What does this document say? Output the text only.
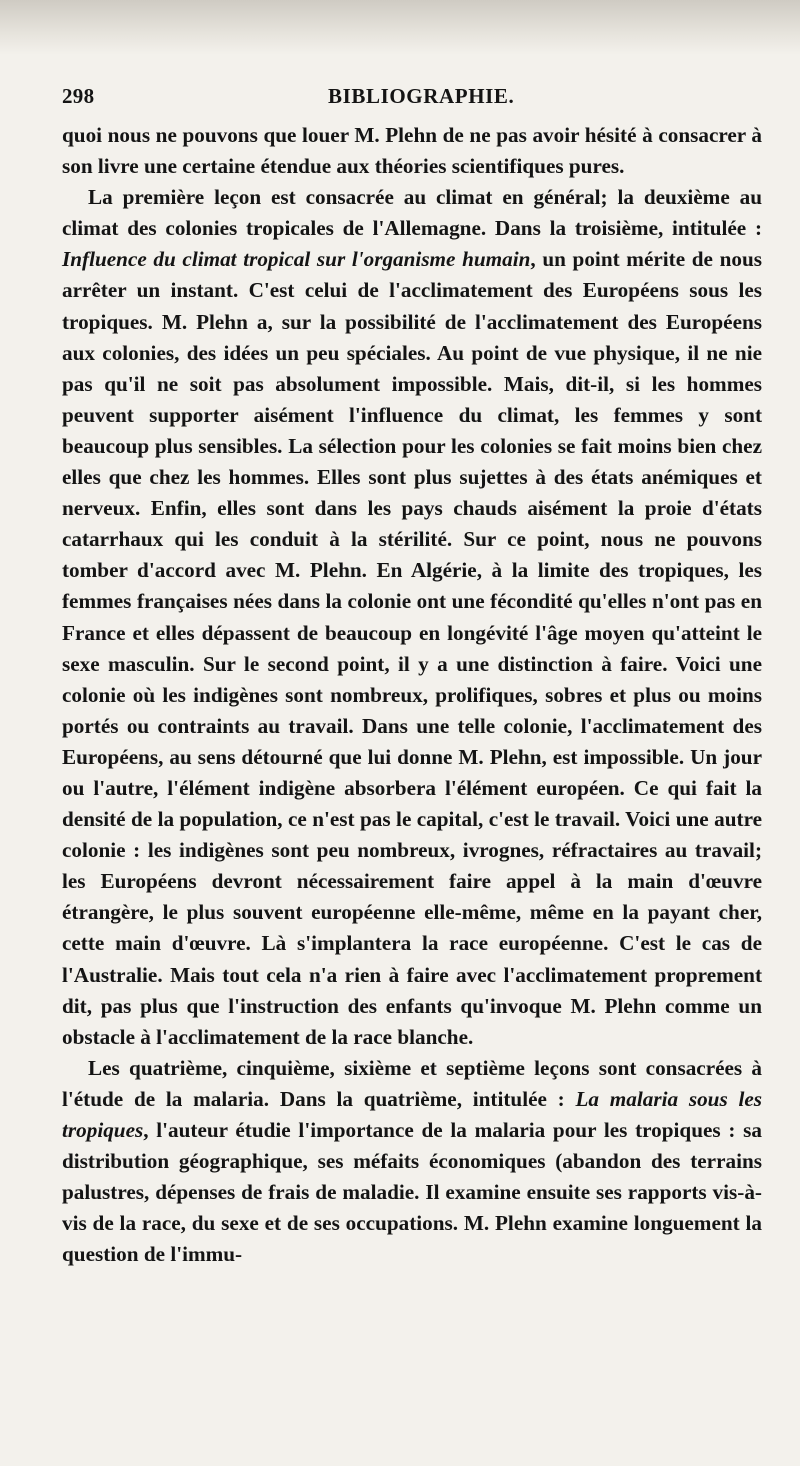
298	BIBLIOGRAPHIE.

quoi nous ne pouvons que louer M. Plehn de ne pas avoir hésité à consacrer à son livre une certaine étendue aux théories scientifiques pures.

La première leçon est consacrée au climat en général; la deuxième au climat des colonies tropicales de l'Allemagne. Dans la troisième, intitulée : Influence du climat tropical sur l'organisme humain, un point mérite de nous arrêter un instant. C'est celui de l'acclimatement des Européens sous les tropiques. M. Plehn a, sur la possibilité de l'acclimatement des Européens aux colonies, des idées un peu spéciales. Au point de vue physique, il ne nie pas qu'il ne soit pas absolument impossible. Mais, dit-il, si les hommes peuvent supporter aisément l'influence du climat, les femmes y sont beaucoup plus sensibles. La sélection pour les colonies se fait moins bien chez elles que chez les hommes. Elles sont plus sujettes à des états anémiques et nerveux. Enfin, elles sont dans les pays chauds aisément la proie d'états catarrhaux qui les conduit à la stérilité. Sur ce point, nous ne pouvons tomber d'accord avec M. Plehn. En Algérie, à la limite des tropiques, les femmes françaises nées dans la colonie ont une fécondité qu'elles n'ont pas en France et elles dépassent de beaucoup en longévité l'âge moyen qu'atteint le sexe masculin. Sur le second point, il y a une distinction à faire. Voici une colonie où les indigènes sont nombreux, prolifiques, sobres et plus ou moins portés ou contraints au travail. Dans une telle colonie, l'acclimatement des Européens, au sens détourné que lui donne M. Plehn, est impossible. Un jour ou l'autre, l'élément indigène absorbera l'élément européen. Ce qui fait la densité de la population, ce n'est pas le capital, c'est le travail. Voici une autre colonie : les indigènes sont peu nombreux, ivrognes, réfractaires au travail; les Européens devront nécessairement faire appel à la main d'œuvre étrangère, le plus souvent européenne elle-même, même en la payant cher, cette main d'œuvre. Là s'implantera la race européenne. C'est le cas de l'Australie. Mais tout cela n'a rien à faire avec l'acclimatement proprement dit, pas plus que l'instruction des enfants qu'invoque M. Plehn comme un obstacle à l'acclimatement de la race blanche.

Les quatrième, cinquième, sixième et septième leçons sont consacrées à l'étude de la malaria. Dans la quatrième, intitulée : La malaria sous les tropiques, l'auteur étudie l'importance de la malaria pour les tropiques : sa distribution géographique, ses méfaits économiques (abandon des terrains palustres, dépenses de frais de maladie. Il examine ensuite ses rapports vis-à-vis de la race, du sexe et de ses occupations. M. Plehn examine longuement la question de l'immu-
